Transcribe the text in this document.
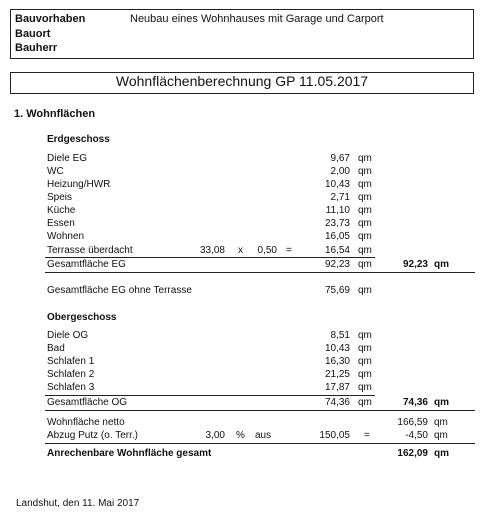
Bauvorhaben	Neubau eines Wohnhauses mit Garage und Carport
Bauort
Bauherr
Wohnflächenberechnung GP 11.05.2017
1. Wohnflächen
Erdgeschoss
Diele EG	9,67 qm
WC	2,00 qm
Heizung/HWR	10,43 qm
Speis	2,71 qm
Küche	11,10 qm
Essen	23,73 qm
Wohnen	16,05 qm
Terrasse überdacht	33,08 x	0,50 =	16,54 qm
Gesamtfläche EG	92,23 qm	92,23 qm
Gesamtfläche EG ohne Terrasse	75,69 qm
Obergeschoss
Diele OG	8,51 qm
Bad	10,43 qm
Schlafen 1	16,30 qm
Schlafen 2	21,25 qm
Schlafen 3	17,87 qm
Gesamtfläche OG	74,36 qm	74,36 qm
Wohnfläche netto	166,59 qm
Abzug Putz (o. Terr.)	3,00 % aus	150,05 =	-4,50 qm
Anrechenbare Wohnfläche gesamt	162,09 qm
Landshut, den 11. Mai 2017
